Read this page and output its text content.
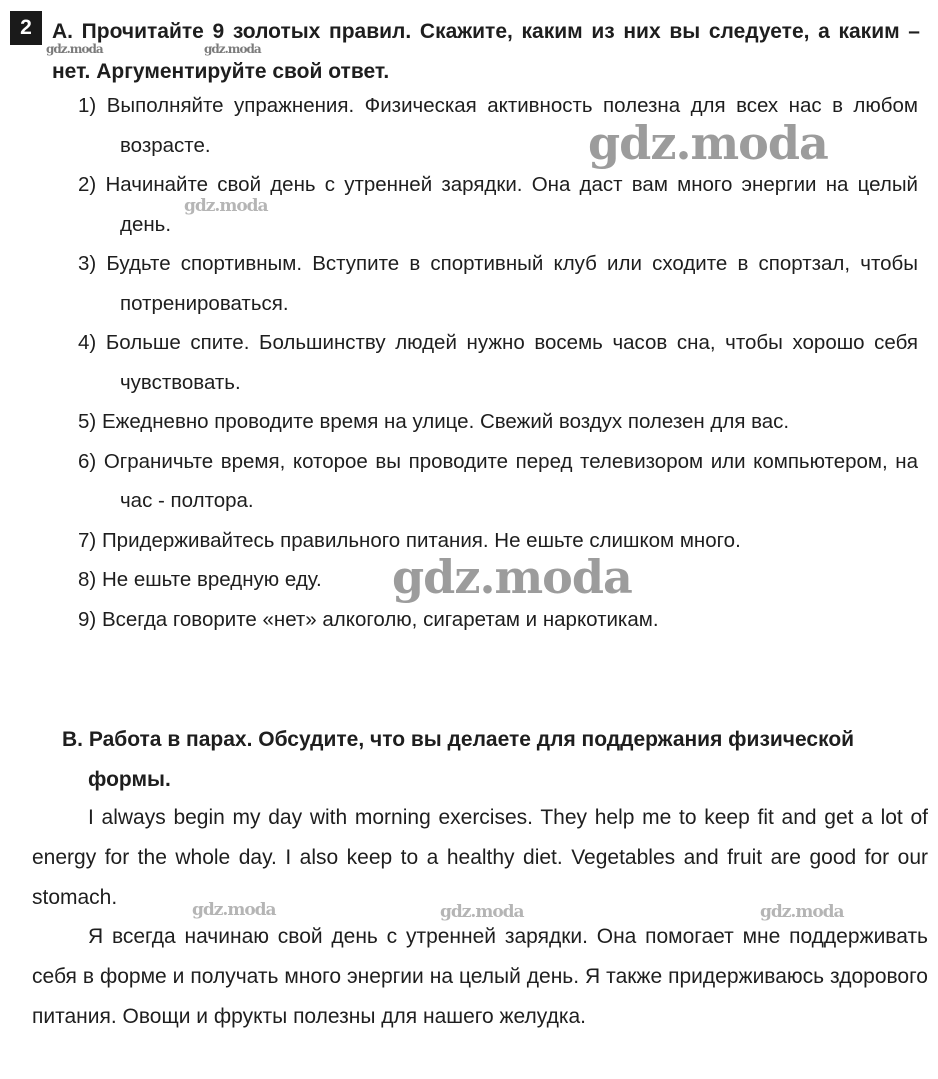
2 А. Прочитайте 9 золотых правил. Скажите, каким из них вы следуете, а каким – нет. Аргументируйте свой ответ.

1) Выполняйте упражнения. Физическая активность полезна для всех нас в любом возрасте.
2) Начинайте свой день с утренней зарядки. Она даст вам много энергии на целый день.
3) Будьте спортивным. Вступите в спортивный клуб или сходите в спортзал, чтобы потренироваться.
4) Больше спите. Большинству людей нужно восемь часов сна, чтобы хорошо себя чувствовать.
5) Ежедневно проводите время на улице. Свежий воздух полезен для вас.
6) Ограничьте время, которое вы проводите перед телевизором или компьютером, на час - полтора.
7) Придерживайтесь правильного питания. Не ешьте слишком много.
8) Не ешьте вредную еду.
9) Всегда говорите «нет» алкоголю, сигаретам и наркотикам.

B. Работа в парах. Обсудите, что вы делаете для поддержания физической
формы.

I always begin my day with morning exercises. They help me to keep fit and get a lot of energy for the whole day. I also keep to a healthy diet. Vegetables and fruit are good for our stomach.

Я всегда начинаю свой день с утренней зарядки. Она помогает мне поддерживать себя в форме и получать много энергии на целый день. Я также придерживаюсь здорового питания. Овощи и фрукты полезны для нашего желудка.

gdz.moda	gdz.moda
gdz.moda
gdz.moda
gdz.moda
gdz.moda	gdz.moda	gdz.moda
